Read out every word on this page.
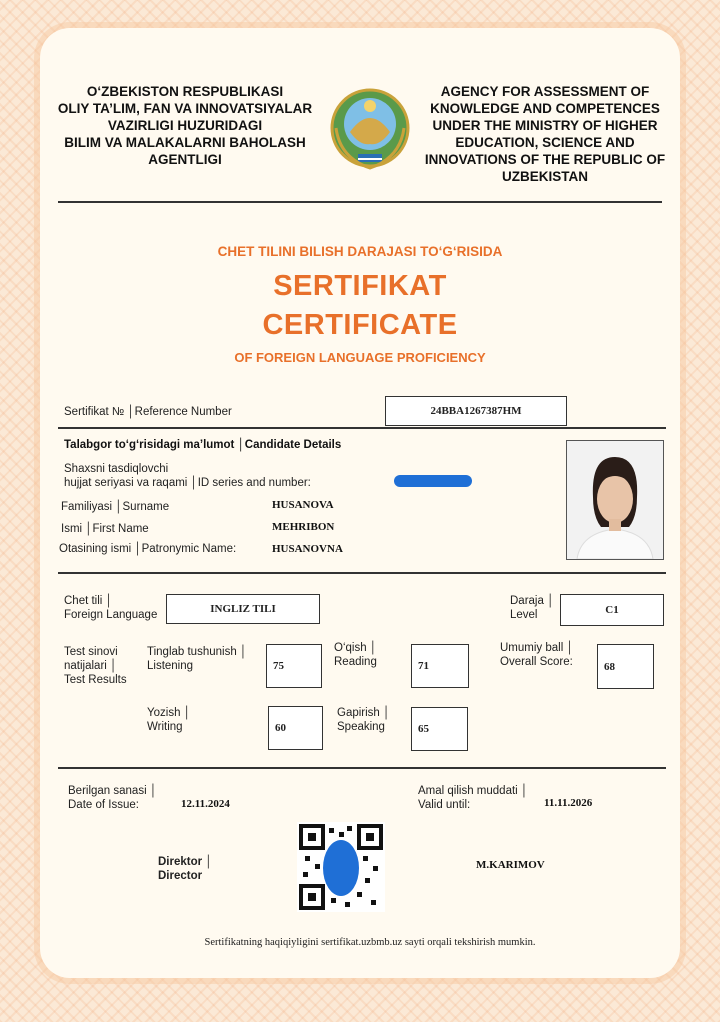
O‘ZBEKISTON RESPUBLIKASI
OLIY TA’LIM, FAN VA INNOVATSIYALAR
VAZIRLIGI HUZURIDAGI
BILIM VA MALAKALARNI BAHOLASH
AGENTLIGI
AGENCY FOR ASSESSMENT OF
KNOWLEDGE AND COMPETENCES
UNDER THE MINISTRY OF HIGHER
EDUCATION, SCIENCE AND
INNOVATIONS OF THE REPUBLIC OF
UZBEKISTAN
CHET TILINI BILISH DARAJASI TO‘G‘RISIDA
SERTIFIKAT
CERTIFICATE
OF FOREIGN LANGUAGE PROFICIENCY
Sertifikat № │Reference Number	24BBA1267387HM
Talabgor to‘g‘risidagi ma’lumot │Candidate Details
Shaxsni tasdiqlovchi
hujjat seriyasi va raqami │ID series and number:
Familiyasi │Surname	HUSANOVA
Ismi │First Name	MEHRIBON
Otasining ismi │Patronymic Name:	HUSANOVNA
Chet tili │
Foreign Language	INGLIZ TILI
Daraja │
Level	C1
Test sinovi
natijalari │
Test Results
Tinglab tushunish │
Listening	75
O‘qish │
Reading	71
Umumiy ball │
Overall Score:	68
Yozish │
Writing	60
Gapirish │
Speaking	65
Berilgan sanasi │
Date of Issue:	12.11.2024
Amal qilish muddati │
Valid until:	11.11.2026
Direktor │
Director
M.KARIMOV
Sertifikatning haqiqiyligini sertifikat.uzbmb.uz sayti orqali tekshirish mumkin.
